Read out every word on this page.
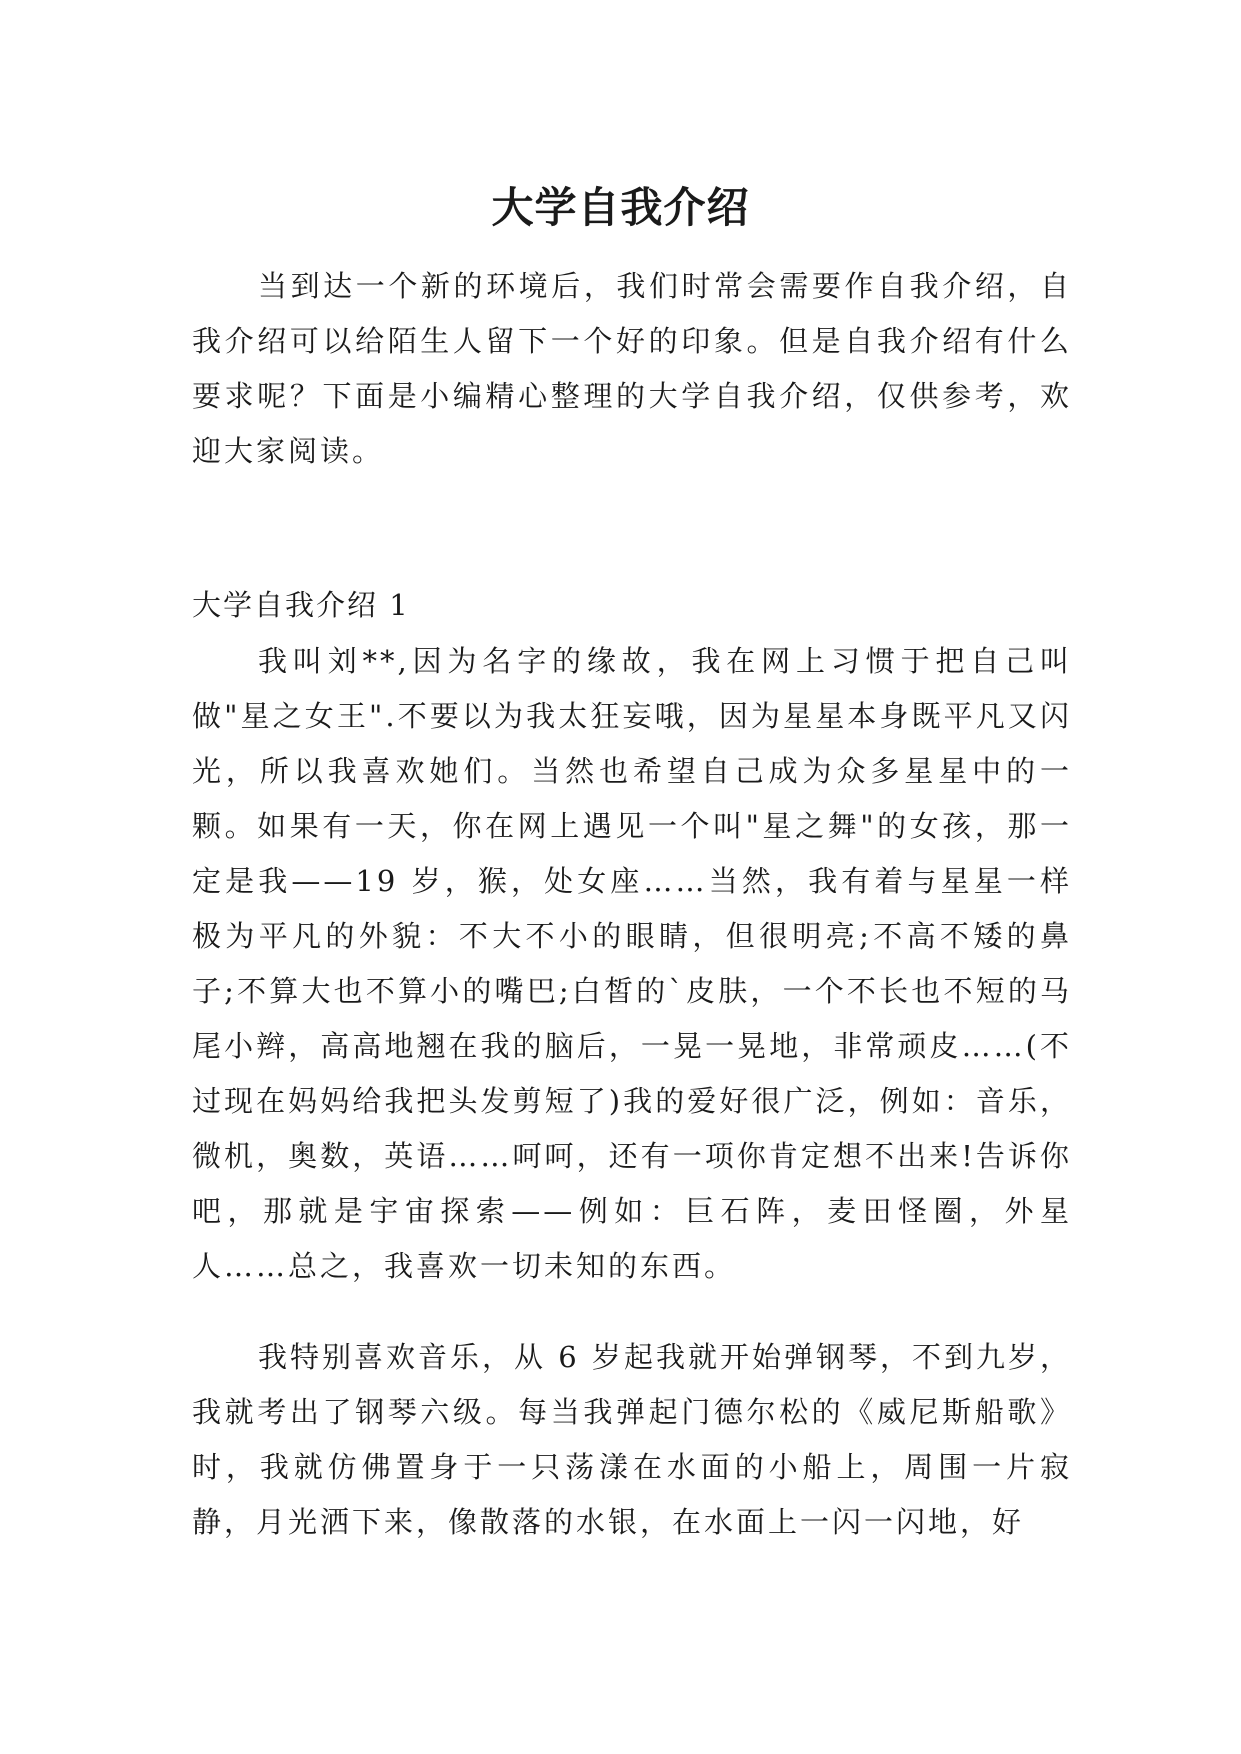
大学自我介绍

当到达一个新的环境后，我们时常会需要作自我介绍，自我介绍可以给陌生人留下一个好的印象。但是自我介绍有什么要求呢？下面是小编精心整理的大学自我介绍，仅供参考，欢迎大家阅读。

大学自我介绍 1

我叫刘**,因为名字的缘故，我在网上习惯于把自己叫做"星之女王".不要以为我太狂妄哦，因为星星本身既平凡又闪光，所以我喜欢她们。当然也希望自己成为众多星星中的一颗。如果有一天，你在网上遇见一个叫"星之舞"的女孩，那一定是我——19 岁，猴，处女座……当然，我有着与星星一样极为平凡的外貌：不大不小的眼睛，但很明亮;不高不矮的鼻子;不算大也不算小的嘴巴;白皙的`皮肤，一个不长也不短的马尾小辫，高高地翘在我的脑后，一晃一晃地，非常顽皮……(不过现在妈妈给我把头发剪短了)我的爱好很广泛，例如：音乐，微机，奥数，英语……呵呵，还有一项你肯定想不出来!告诉你吧，那就是宇宙探索——例如：巨石阵，麦田怪圈，外星人……总之，我喜欢一切未知的东西。

我特别喜欢音乐，从 6 岁起我就开始弹钢琴，不到九岁，我就考出了钢琴六级。每当我弹起门德尔松的《威尼斯船歌》时，我就仿佛置身于一只荡漾在水面的小船上，周围一片寂静，月光洒下来，像散落的水银，在水面上一闪一闪地，好
